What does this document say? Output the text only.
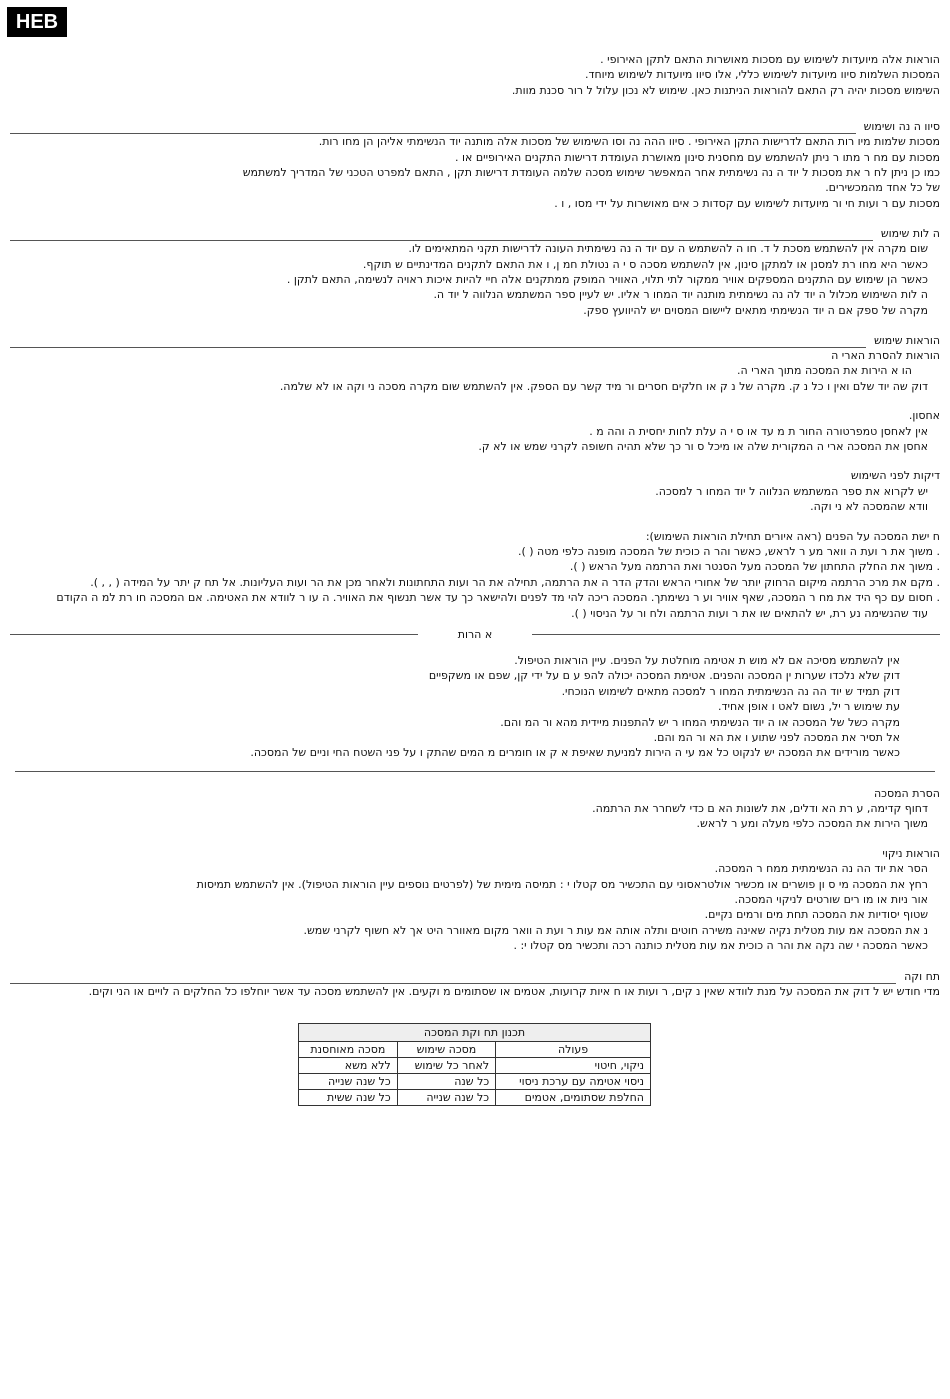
HEB
הוראות אלה מיועדות לשימוש עם מסכות מאושרות התאם לתקן האירופי .
המסכות השלמות סיוו מיועדות לשימוש כללי, אלו סיוו מיועדות לשימוש מיוחד.
השימוש מסכות יהיה רק התאם להוראות הניתנות כאן. שימוש לא נכון עלול ל רור סכנת מוות.
סיוו ה נה ושימוש
מסכות שלמות מיו רות התאם לדרישות התקן האירופי . סיוו ההה נה וסו השימוש של מסכות אלה מותנה יוד הנשימתי אליהן הן מחו רות.
מסכות עם מח ר מתו ר ניתן להשתמש עם מחסנית סינון מאושרת העומדת דרישות התקנים האירופיים או .
כמו כן ניתן לח ר את מסכות ל יוד ה נה נשימתית אחר המאפשר שימוש מסכה שלמה העומדת דרישות תקן , התאם למפרט הטכני של המדריך למשתמש
של כל אחד מהמכשירים.
מסכות עם ר ועות חי ור מיועדות לשימוש עם קסדות כ אים מאושרות על ידי מסו , ו .
ה לות שימוש
שום מקרה אין להשתמש מסכת ל ד. חו ה להשתמש ה עם יוד ה נה נשימתית העונה לדרישות תקני המתאימים לו.
כאשר היא מחו רת למסנן או למתקן סינון, אין להשתמש מסכה ס י ה נטולת חמ ן, ו את התאם לתקנים המדינתיים ש תוקף.
כאשר הן שימוש עם התקנים המספקים אוויר ממקור לתי תלוי, האוויר המופק ממתקנים אלה חיי להיות איכות ראויה לנשימה, התאם לתקן .
ה לות השימוש מכלול ה יוד לה נה נשימתית מותנה יוד המחו ר אליו. יש לעיין ספר המשתמש הנלווה ל יוד ה.
מקרה של ספק אם ה יוד הנשימתי מתאים ליישום המסוים יש להיוועץ ספק.
הוראות שימוש
הוראות להסרת הארי ה
הו א הירות את המסכה מתוך הארי ה.
דוק שה יוד שלם ואין ו כל נ ק. מקרה של נ ק או חלקים חסרים ור מיד קשר עם הספק. אין להשתמש שום מקרה מסכה ני וקה או לא שלמה.
אחסון.
אין לאחסן טמפרטורה החור ת מ עד או ס י ה עלת לחות יחסית ה והה מ .
אחסן את המסכה ארי ה המקורית שלה או מיכל ס ור כך שלא תהיה חשופה לקרני שמש או לא ק.
דיקות לפני השימוש
יש לקרוא את ספר המשתמש הנלווה ל יוד המחו ר למסכה.
וודא שהמסכה לא ני וקה.
ח ישת המסכה על הפנים (ראה איורים תחילת הוראות השימוש):
. משוך את ר ועת ה וואר מע ר לראש, כאשר והר ה כוכית של המסכה מופנה כלפי מטה ( ).
. משוך את החלק התחתון של המסכה מעל הסנטר ואת הרתמה מעל הראש ( ).
. מקם את מרכ הרתמה מיקום הרחוק יותר של אחורי הראש והדק הדר ה את הרתמה, תחילה את הר ועות התחתונות ולאחר מכן את הר ועות העליונות. אל תח ק יתר על המידה ( , , ).
. חסום עם כף היד את מח ר המסכה, שאף אוויר וע ר נשימתך. המסכה ריכה להי מד לפנים ולהישאר כך עד אשר תנשוף את האוויר. ה עו ר לוודא את האטימה. אם המסכה חו רת למ ה הקודם
עוד שהנשימה נע רת, יש להתאים שו את ר ועות הרתמה ולח ור על הניסוי ( ).
א הרות
אין להשתמש מסיכה אם לא מוש ת אטימה מוחלטת על הפנים. עיין הוראות הטיפול.
דוק שלא נלכדו שערות ין המסכה והפנים. אטימת המסכה יכולה להפ ע ם על ידי קן, שפם או משקפיים
דוק תמיד ש יוד הה נה הנשימתית המחו ר למסכה מתאים לשימוש הנוכחי.
עת שימוש ר יל, נשום לאט ו אופן אחיד.
מקרה כשל של המסכה או ה יוד הנשימתי המחו ר יש להתפנות מיידית מהא ור המ והם.
אל תסיר את המסכה לפני שתוע ו את הא ור המ והם.
כאשר מורידים את המסכה יש לנקוט כל אמ עי ה הירות למניעת שאיפת א ק או חומרים מ המים שהתק ו על פני השטח החי וניים של המסכה.
הסרת המסכה
דחוף קדימה, ע רת הא ודלים, את לשונות הא ם כדי לשחרר את הרתמה.
משוך הירות את המסכה כלפי מעלה ומע ר לראש.
הוראות ניקוי
הסר את יוד הה נה הנשימתית ממח ר המסכה.
רחץ את המסכה מי ס ון פושרים או מכשיר אולטראסוני עם התכשיר מס קטלו י : תמיסה מימית של (לפרטים נוספים עיין הוראות הטיפול). אין להשתמש תמיסות
אור ניות או מו רים שורטים לניקוי המסכה.
שטוף יסודיות את המסכה תחת מים ורמים נקיים.
נ את המסכה אמ עות מטלית נקיה שאינה משירה חוטים ותלה אותה אמ עות ר ועת ה וואר מקום מאוורר היט אך לא חשוף לקרני שמש.
כאשר המסכה י שה נקה את והר ה כוכית אמ עות מטלית כותנה רכה ותכשיר מס קטלו י: .
תח וקה
מדי חודש יש ל דוק את המסכה על מנת לוודא שאין נ קים, ר ועות או ח איות קרועות, אטמים או שסתומים מ וקעים. אין להשתמש מסכה עד אשר יוחלפו כל החלקים ה לויים או הני וקים.
תכנון תח וקת המסכה
פעולה	מסכה שימוש	מסכה מאוחסנת
ניקוי, חיטוי	לאחר כל שימוש	ללא משא
ניסוי אטימה עם ערכת ניסוי	כל שנה	כל שנה שנייה
החלפת שסתומים, אטמים	כל שנה שנייה	כל שנה ששית
